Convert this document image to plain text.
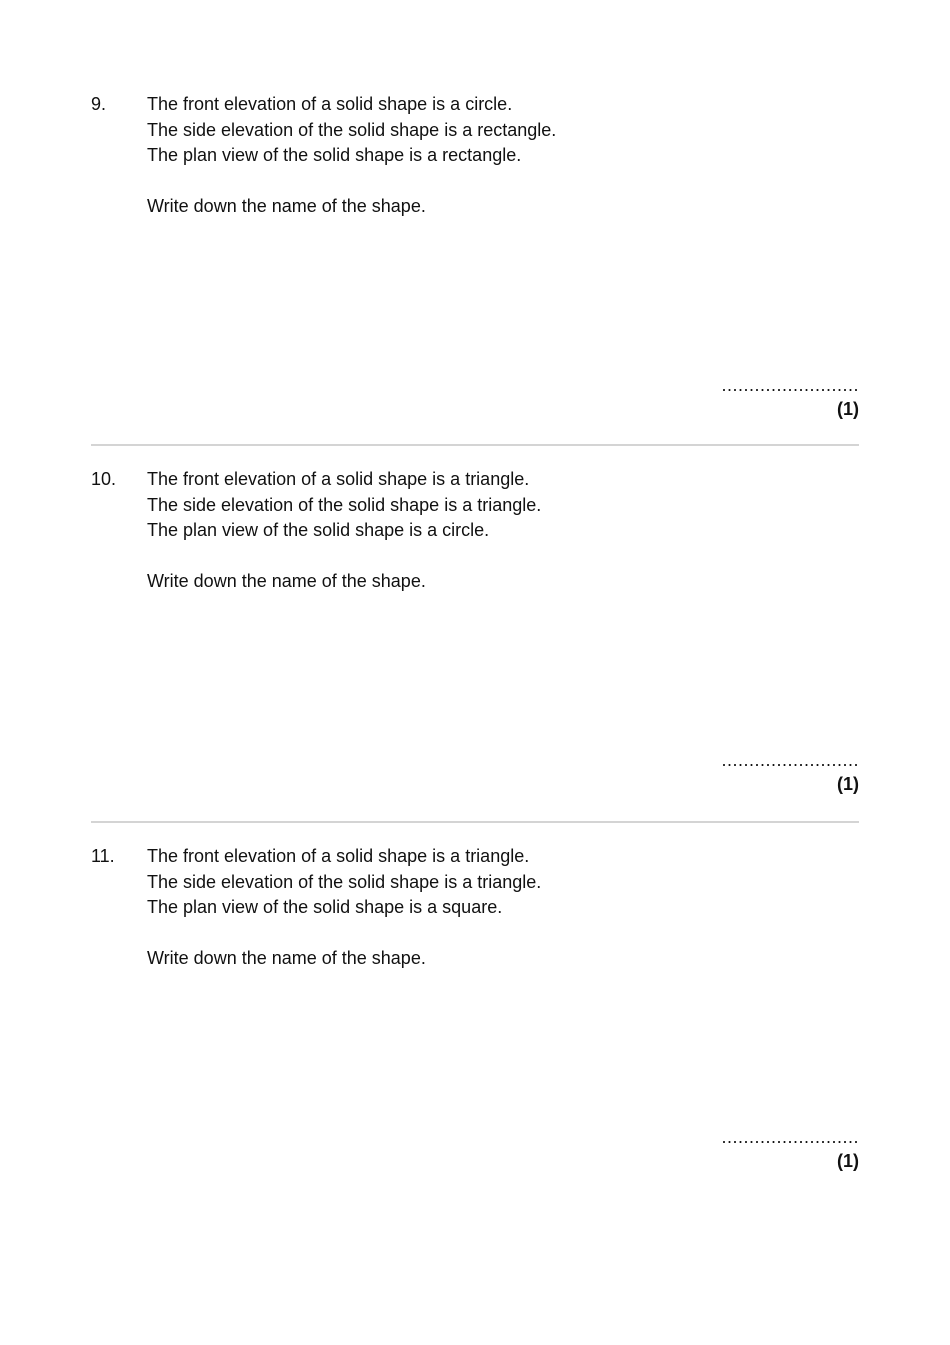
9. The front elevation of a solid shape is a circle.
The side elevation of the solid shape is a rectangle.
The plan view of the solid shape is a rectangle.
Write down the name of the shape.
.........................
(1)
10. The front elevation of a solid shape is a triangle.
The side elevation of the solid shape is a triangle.
The plan view of the solid shape is a circle.
Write down the name of the shape.
.........................
(1)
11. The front elevation of a solid shape is a triangle.
The side elevation of the solid shape is a triangle.
The plan view of the solid shape is a square.
Write down the name of the shape.
.........................
(1)
